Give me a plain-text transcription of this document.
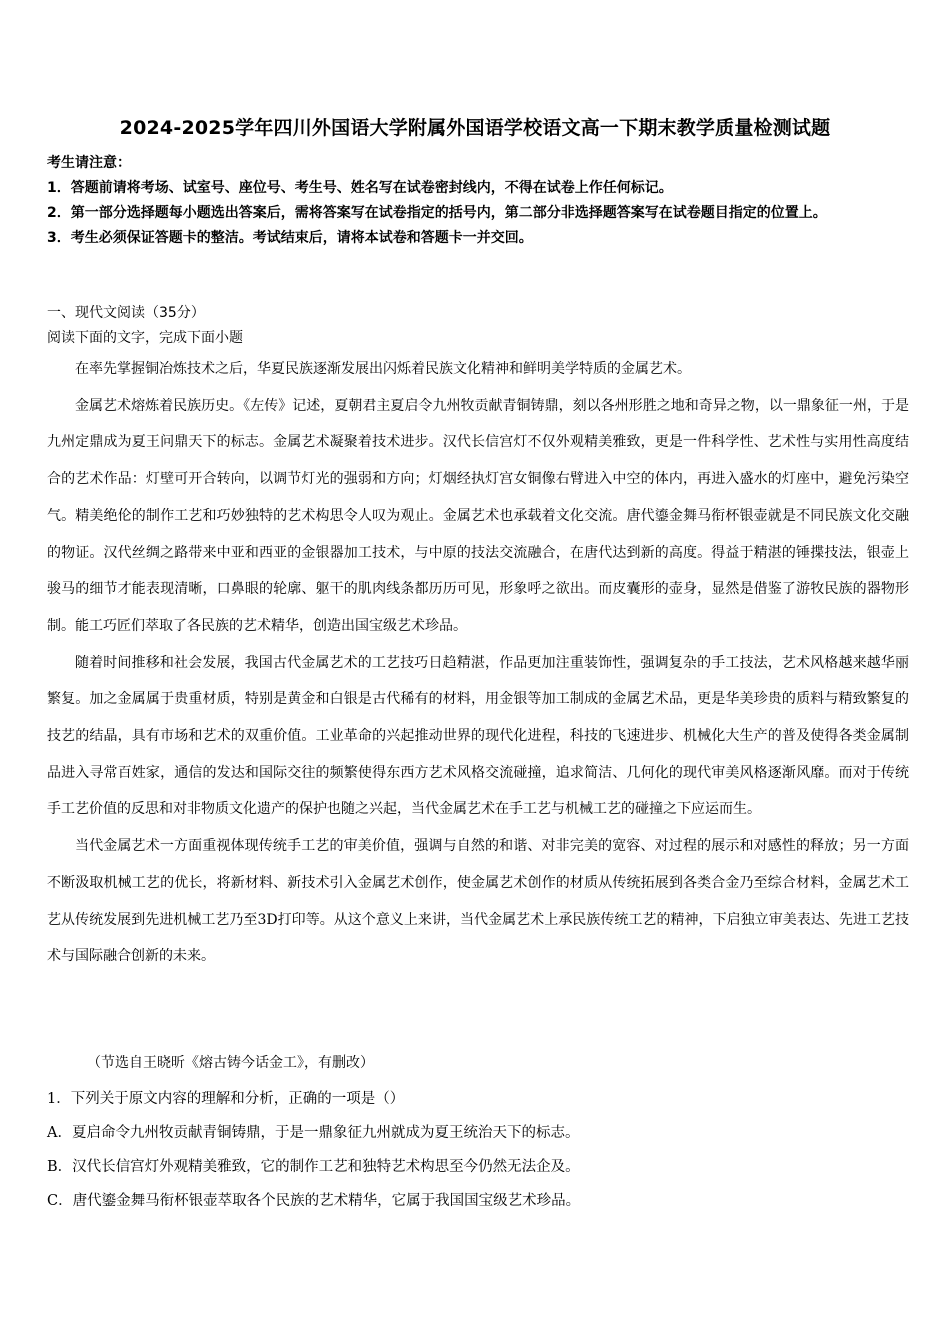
2024-2025学年四川外国语大学附属外国语学校语文高一下期末教学质量检测试题
考生请注意：
1．答题前请将考场、试室号、座位号、考生号、姓名写在试卷密封线内，不得在试卷上作任何标记。
2．第一部分选择题每小题选出答案后，需将答案写在试卷指定的括号内，第二部分非选择题答案写在试卷题目指定的位置上。
3．考生必须保证答题卡的整洁。考试结束后，请将本试卷和答题卡一并交回。
一、现代文阅读（35分）
阅读下面的文字，完成下面小题

在率先掌握铜冶炼技术之后，华夏民族逐渐发展出闪烁着民族文化精神和鲜明美学特质的金属艺术。

金属艺术熔炼着民族历史。《左传》记述，夏朝君主夏启令九州牧贡献青铜铸鼎，刻以各州形胜之地和奇异之物，以一鼎象征一州，于是九州定鼎成为夏王问鼎天下的标志。金属艺术凝聚着技术进步。汉代长信宫灯不仅外观精美雅致，更是一件科学性、艺术性与实用性高度结合的艺术作品：灯壁可开合转向，以调节灯光的强弱和方向；灯烟经执灯宫女铜像右臂进入中空的体内，再进入盛水的灯座中，避免污染空气。精美绝伦的制作工艺和巧妙独特的艺术构思令人叹为观止。金属艺术也承载着文化交流。唐代鎏金舞马衔杯银壶就是不同民族文化交融的物证。汉代丝绸之路带来中亚和西亚的金银器加工技术，与中原的技法交流融合，在唐代达到新的高度。得益于精湛的锤揲技法，银壶上骏马的细节才能表现清晰，口鼻眼的轮廓、躯干的肌肉线条都历历可见，形象呼之欲出。而皮囊形的壶身，显然是借鉴了游牧民族的器物形制。能工巧匠们萃取了各民族的艺术精华，创造出国宝级艺术珍品。

随着时间推移和社会发展，我国古代金属艺术的工艺技巧日趋精湛，作品更加注重装饰性，强调复杂的手工技法，艺术风格越来越华丽繁复。加之金属属于贵重材质，特别是黄金和白银是古代稀有的材料，用金银等加工制成的金属艺术品，更是华美珍贵的质料与精致繁复的技艺的结晶，具有市场和艺术的双重价值。工业革命的兴起推动世界的现代化进程，科技的飞速进步、机械化大生产的普及使得各类金属制品进入寻常百姓家，通信的发达和国际交往的频繁使得东西方艺术风格交流碰撞，追求简洁、几何化的现代审美风格逐渐风靡。而对于传统手工艺价值的反思和对非物质文化遗产的保护也随之兴起，当代金属艺术在手工艺与机械工艺的碰撞之下应运而生。

当代金属艺术一方面重视体现传统手工艺的审美价值，强调与自然的和谐、对非完美的宽容、对过程的展示和对感性的释放；另一方面不断汲取机械工艺的优长，将新材料、新技术引入金属艺术创作，使金属艺术创作的材质从传统拓展到各类合金乃至综合材料，金属艺术工艺从传统发展到先进机械工艺乃至3D打印等。从这个意义上来讲，当代金属艺术上承民族传统工艺的精神，下启独立审美表达、先进工艺技术与国际融合创新的未来。

（节选自王晓昕《熔古铸今话金工》，有删改）
1．下列关于原文内容的理解和分析，正确的一项是（）
A．夏启命令九州牧贡献青铜铸鼎，于是一鼎象征九州就成为夏王统治天下的标志。
B．汉代长信宫灯外观精美雅致，它的制作工艺和独特艺术构思至今仍然无法企及。
C．唐代鎏金舞马衔杯银壶萃取各个民族的艺术精华，它属于我国国宝级艺术珍品。
